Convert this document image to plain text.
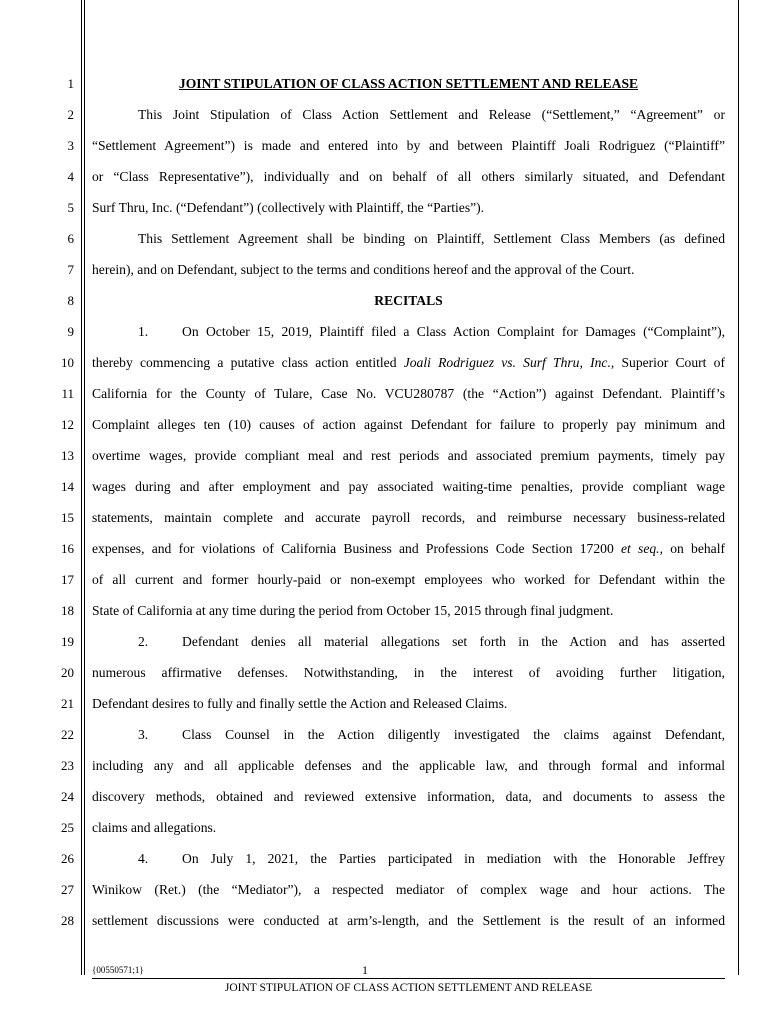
1
2
3
4
5
6
7
8
9
10
11
12
13
14
15
16
17
18
19
20
21
22
23
24
25
26
27
28
JOINT STIPULATION OF CLASS ACTION SETTLEMENT AND RELEASE
This Joint Stipulation of Class Action Settlement and Release (“Settlement,” “Agreement” or
“Settlement Agreement”) is made and entered into by and between Plaintiff Joali Rodriguez (“Plaintiff”
or “Class Representative”), individually and on behalf of all others similarly situated, and Defendant
Surf Thru, Inc. (“Defendant”) (collectively with Plaintiff, the “Parties”).
This Settlement Agreement shall be binding on Plaintiff, Settlement Class Members (as defined
herein), and on Defendant, subject to the terms and conditions hereof and the approval of the Court.
RECITALS
1. On October 15, 2019, Plaintiff filed a Class Action Complaint for Damages (“Complaint”),
thereby commencing a putative class action entitled Joali Rodriguez vs. Surf Thru, Inc., Superior Court of
California for the County of Tulare, Case No. VCU280787 (the “Action”) against Defendant. Plaintiff’s
Complaint alleges ten (10) causes of action against Defendant for failure to properly pay minimum and
overtime wages, provide compliant meal and rest periods and associated premium payments, timely pay
wages during and after employment and pay associated waiting-time penalties, provide compliant wage
statements, maintain complete and accurate payroll records, and reimburse necessary business-related
expenses, and for violations of California Business and Professions Code Section 17200 et seq., on behalf
of all current and former hourly-paid or non-exempt employees who worked for Defendant within the
State of California at any time during the period from October 15, 2015 through final judgment.
2. Defendant denies all material allegations set forth in the Action and has asserted
numerous affirmative defenses. Notwithstanding, in the interest of avoiding further litigation,
Defendant desires to fully and finally settle the Action and Released Claims.
3. Class Counsel in the Action diligently investigated the claims against Defendant,
including any and all applicable defenses and the applicable law, and through formal and informal
discovery methods, obtained and reviewed extensive information, data, and documents to assess the
claims and allegations.
4. On July 1, 2021, the Parties participated in mediation with the Honorable Jeffrey
Winikow (Ret.) (the “Mediator”), a respected mediator of complex wage and hour actions. The
settlement discussions were conducted at arm’s-length, and the Settlement is the result of an informed
{00550571;1}	1
JOINT STIPULATION OF CLASS ACTION SETTLEMENT AND RELEASE
